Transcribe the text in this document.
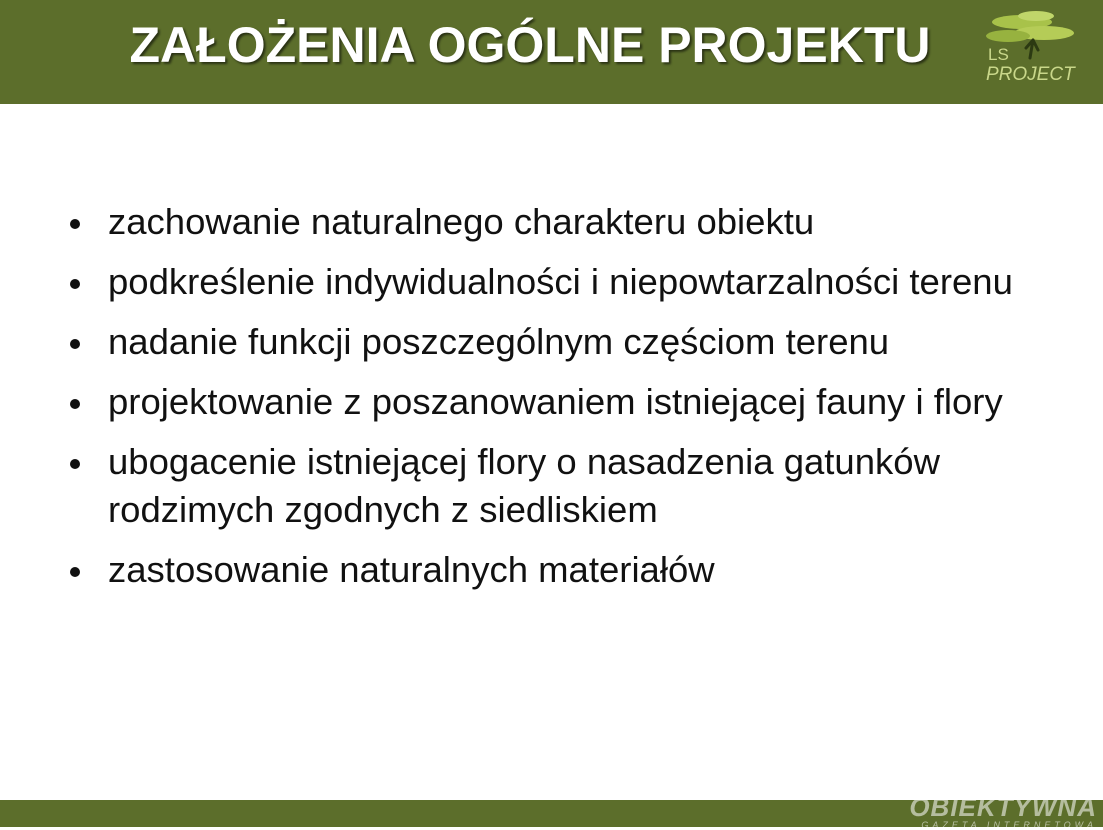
ZAŁOŻENIA OGÓLNE PROJEKTU	LS
PROJECT
zachowanie naturalnego charakteru obiektu
podkreślenie indywidualności i niepowtarzalności terenu
nadanie funkcji poszczególnym częściom terenu
projektowanie z poszanowaniem istniejącej fauny i flory
ubogacenie istniejącej flory o nasadzenia gatunków rodzimych zgodnych z siedliskiem
zastosowanie naturalnych materiałów
OBIEKTYWNA
GAZETA INTERNETOWA
